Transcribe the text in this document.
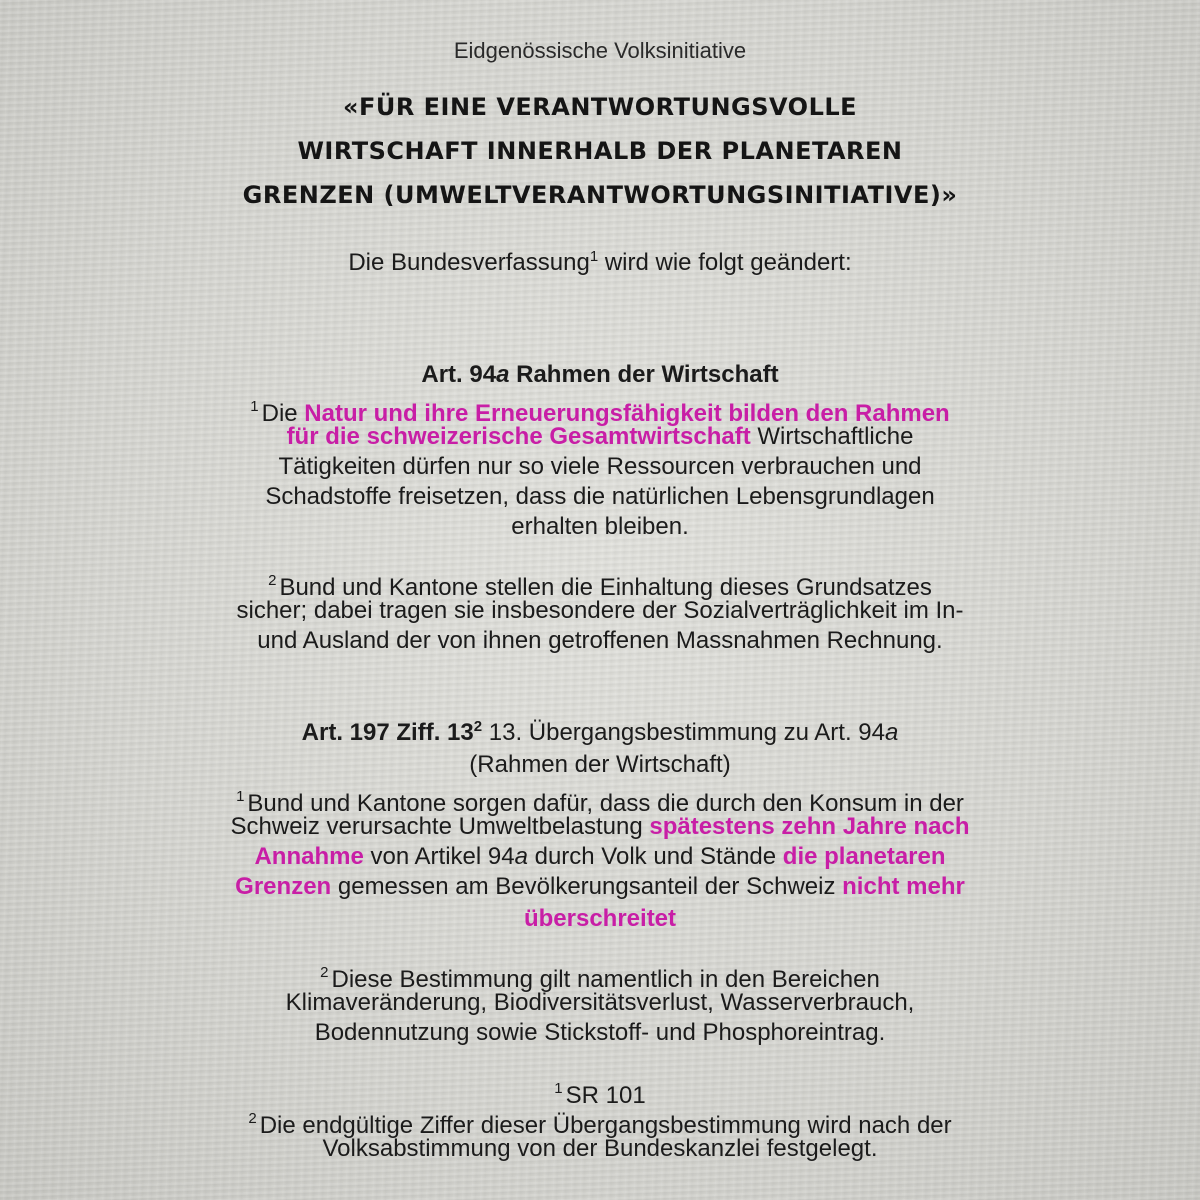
Eidgenössische Volksinitiative
«FÜR EINE VERANTWORTUNGSVOLLE
WIRTSCHAFT INNERHALB DER PLANETAREN
GRENZEN (UMWELTVERANTWORTUNGSINITIATIVE)»
Die Bundesverfassung$^1$ wird wie folgt geändert:
Art. 94a Rahmen der Wirtschaft
$^1$ Die Natur und ihre Erneuerungsfähigkeit bilden den Rahmen
für die schweizerische Gesamtwirtschaft Wirtschaftliche
Tätigkeiten dürfen nur so viele Ressourcen verbrauchen und
Schadstoffe freisetzen, dass die natürlichen Lebensgrundlagen
erhalten bleiben.
$^2$ Bund und Kantone stellen die Einhaltung dieses Grundsatzes
sicher; dabei tragen sie insbesondere der Sozialverträglichkeit im In-
und Ausland der von ihnen getroffenen Massnahmen Rechnung.
Art. 197 Ziff. $13^2$ 13. Übergangsbestimmung zu Art. 94a
(Rahmen der Wirtschaft)
$^1$ Bund und Kantone sorgen dafür, dass die durch den Konsum in der
Schweiz verursachte Umweltbelastung spätestens zehn Jahre nach
Annahme von Artikel 94a durch Volk und Stände die planetaren
Grenzen gemessen am Bevölkerungsanteil der Schweiz nicht mehr
überschreitet
$^2$ Diese Bestimmung gilt namentlich in den Bereichen
Klimaveränderung, Biodiversitätsverlust, Wasserverbrauch,
Bodennutzung sowie Stickstoff- und Phosphoreintrag.
$^1$ SR 101
$^2$ Die endgültige Ziffer dieser Übergangsbestimmung wird nach der
Volksabstimmung von der Bundeskanzlei festgelegt.
